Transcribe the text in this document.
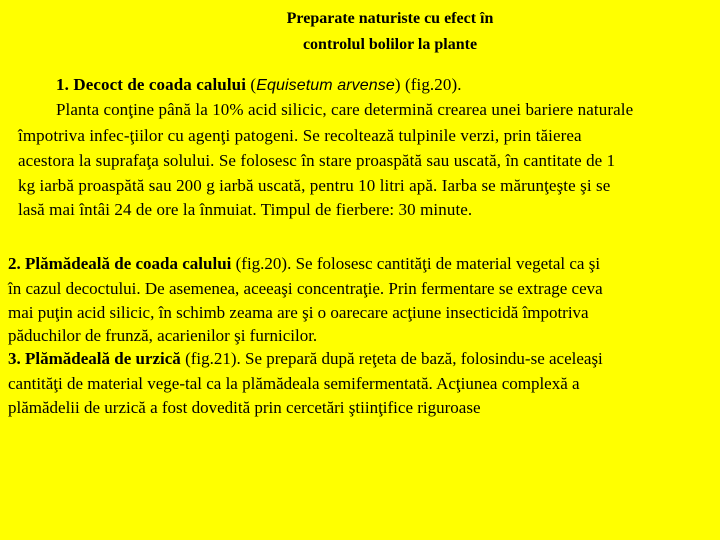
Preparate naturiste cu efect în
controlul bolilor la plante
1. Decoct de coada calului (Equisetum arvense) (fig.20).
Planta conţine până la 10% acid silicic, care determină crearea unei bariere naturale
împotriva infec-ţiilor cu agenţi patogeni. Se recoltează tulpinile verzi, prin tăierea
acestora la suprafaţa solului. Se folosesc în stare proaspătă sau uscată, în cantitate de 1
kg iarbă proaspătă sau 200 g iarbă uscată, pentru 10 litri apă. Iarba se mărunţeşte şi se
lasă mai întâi 24 de ore la înmuiat. Timpul de fierbere: 30 minute.
2. Plămădeală de coada calului (fig.20). Se folosesc cantităţi de material vegetal ca şi
în cazul decoctului. De asemenea, aceeaşi concentraţie. Prin fermentare se extrage ceva
mai puţin acid silicic, în schimb zeama are şi o oarecare acţiune insecticidă împotriva
păduchilor de frunză, acarienilor şi furnicilor.
3. Plămădeală de urzică (fig.21). Se prepară după reţeta de bază, folosindu-se aceleaşi
cantităţi de material vege-tal ca la plămădeala semifermentată. Acţiunea complexă a
plămădelii de urzică a fost dovedită prin cercetări ştiinţifice riguroase
